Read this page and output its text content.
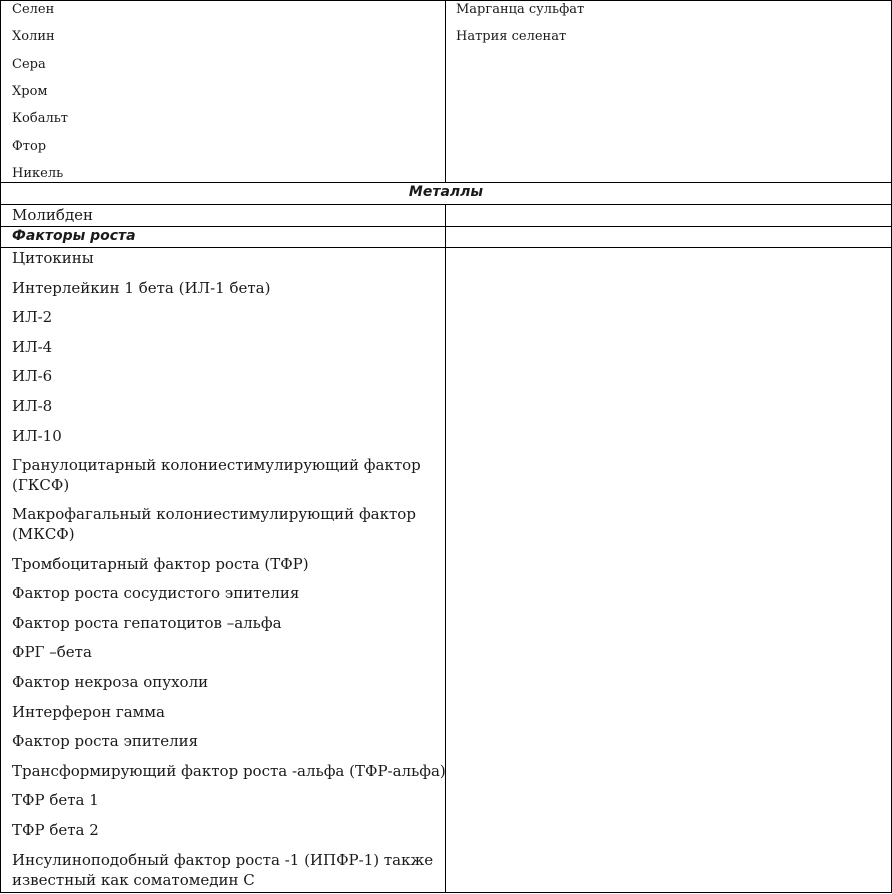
Селен
Холин
Сера
Хром
Кобальт
Фтор
Никель
Марганца сульфат
Натрия селенат
Металлы
Молибден
Факторы роста
Цитокины
Интерлейкин 1 бета (ИЛ-1 бета)
ИЛ-2
ИЛ-4
ИЛ-6
ИЛ-8
ИЛ-10
Гранулоцитарный колониестимулирующий фактор (ГКСФ)
Макрофагальный колониестимулирующий фактор (МКСФ)
Тромбоцитарный фактор роста (ТФР)
Фактор роста сосудистого эпителия
Фактор роста гепатоцитов –альфа
ФРГ –бета
Фактор некроза опухоли
Интерферон гамма
Фактор роста эпителия
Трансформирующий фактор роста -альфа (ТФР-альфа)
ТФР бета 1
ТФР бета 2
Инсулиноподобный фактор роста -1 (ИПФР-1) также известный как соматомедин С
